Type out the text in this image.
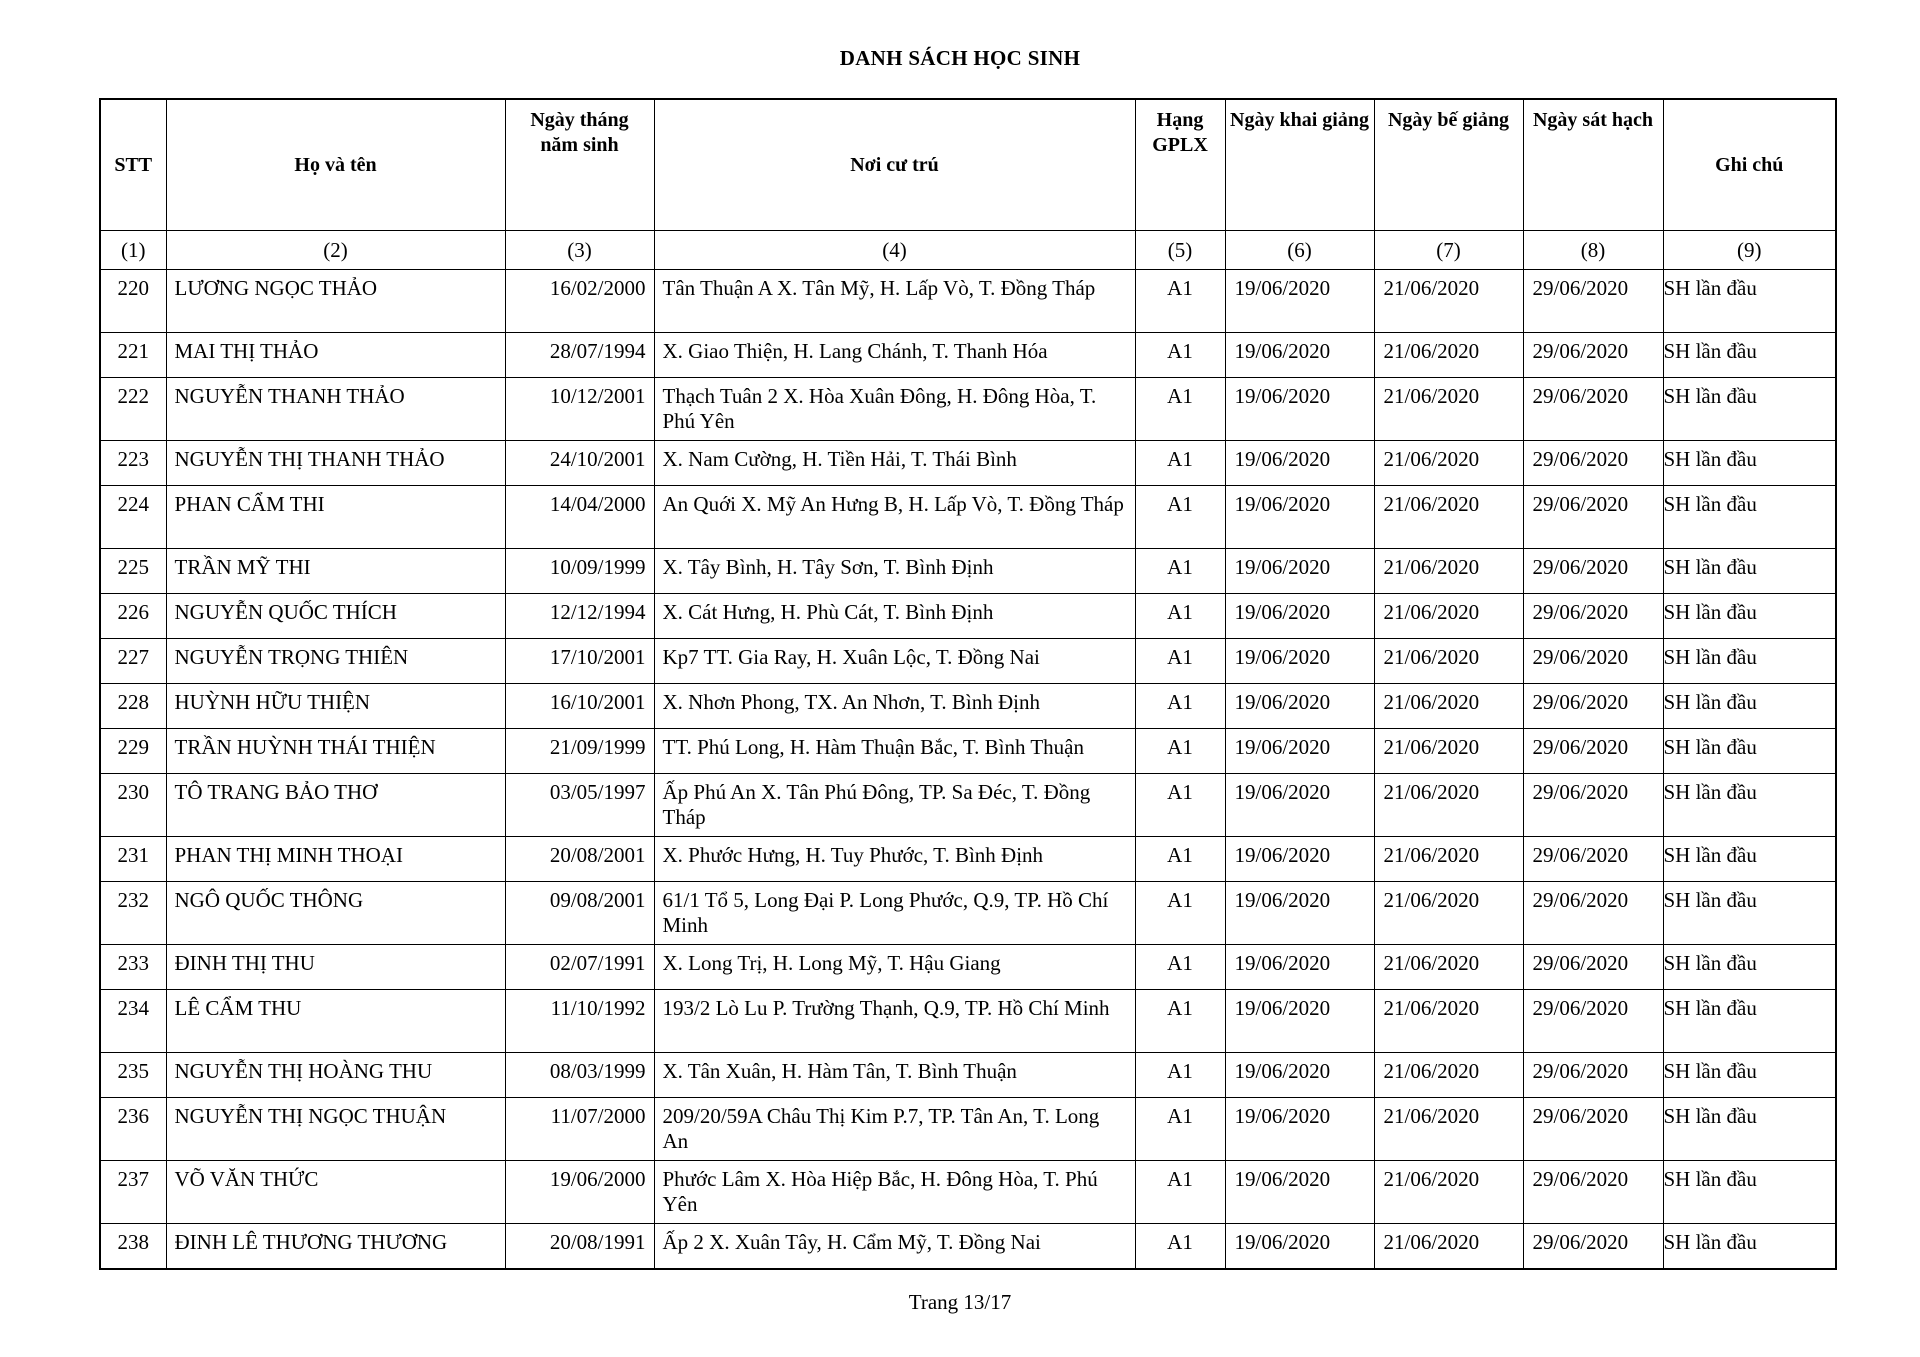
DANH SÁCH HỌC SINH
STT	Họ và tên	Ngày tháng năm sinh	Nơi cư trú	Hạng GPLX	Ngày khai giảng	Ngày bế giảng	Ngày sát hạch	Ghi chú
(1)	(2)	(3)	(4)	(5)	(6)	(7)	(8)	(9)
220	LƯƠNG NGỌC THẢO	16/02/2000	Tân Thuận A X. Tân Mỹ, H. Lấp Vò, T. Đồng Tháp	A1	19/06/2020	21/06/2020	29/06/2020	SH lần đầu
221	MAI THỊ THẢO	28/07/1994	X. Giao Thiện, H. Lang Chánh, T. Thanh Hóa	A1	19/06/2020	21/06/2020	29/06/2020	SH lần đầu
222	NGUYỄN THANH THẢO	10/12/2001	Thạch Tuân 2 X. Hòa Xuân Đông, H. Đông Hòa, T. Phú Yên	A1	19/06/2020	21/06/2020	29/06/2020	SH lần đầu
223	NGUYỄN THỊ THANH THẢO	24/10/2001	X. Nam Cường, H. Tiền Hải, T. Thái Bình	A1	19/06/2020	21/06/2020	29/06/2020	SH lần đầu
224	PHAN CẨM THI	14/04/2000	An Quới X. Mỹ An Hưng B, H. Lấp Vò, T. Đồng Tháp	A1	19/06/2020	21/06/2020	29/06/2020	SH lần đầu
225	TRẦN MỸ THI	10/09/1999	X. Tây Bình, H. Tây Sơn, T. Bình Định	A1	19/06/2020	21/06/2020	29/06/2020	SH lần đầu
226	NGUYỄN QUỐC THÍCH	12/12/1994	X. Cát Hưng, H. Phù Cát, T. Bình Định	A1	19/06/2020	21/06/2020	29/06/2020	SH lần đầu
227	NGUYỄN TRỌNG THIÊN	17/10/2001	Kp7 TT. Gia Ray, H. Xuân Lộc, T. Đồng Nai	A1	19/06/2020	21/06/2020	29/06/2020	SH lần đầu
228	HUỲNH HỮU THIỆN	16/10/2001	X. Nhơn Phong, TX. An Nhơn, T. Bình Định	A1	19/06/2020	21/06/2020	29/06/2020	SH lần đầu
229	TRẦN HUỲNH THÁI THIỆN	21/09/1999	TT. Phú Long, H. Hàm Thuận Bắc, T. Bình Thuận	A1	19/06/2020	21/06/2020	29/06/2020	SH lần đầu
230	TÔ TRANG BẢO THƠ	03/05/1997	Ấp Phú An X. Tân Phú Đông, TP. Sa Đéc, T. Đồng Tháp	A1	19/06/2020	21/06/2020	29/06/2020	SH lần đầu
231	PHAN THỊ MINH THOẠI	20/08/2001	X. Phước Hưng, H. Tuy Phước, T. Bình Định	A1	19/06/2020	21/06/2020	29/06/2020	SH lần đầu
232	NGÔ QUỐC THÔNG	09/08/2001	61/1 Tổ 5, Long Đại P. Long Phước, Q.9, TP. Hồ Chí Minh	A1	19/06/2020	21/06/2020	29/06/2020	SH lần đầu
233	ĐINH THỊ THU	02/07/1991	X. Long Trị, H. Long Mỹ, T. Hậu Giang	A1	19/06/2020	21/06/2020	29/06/2020	SH lần đầu
234	LÊ CẨM THU	11/10/1992	193/2 Lò Lu P. Trường Thạnh, Q.9, TP. Hồ Chí Minh	A1	19/06/2020	21/06/2020	29/06/2020	SH lần đầu
235	NGUYỄN THỊ HOÀNG THU	08/03/1999	X. Tân Xuân, H. Hàm Tân, T. Bình Thuận	A1	19/06/2020	21/06/2020	29/06/2020	SH lần đầu
236	NGUYỄN THỊ NGỌC THUẬN	11/07/2000	209/20/59A Châu Thị Kim P.7, TP. Tân An, T. Long An	A1	19/06/2020	21/06/2020	29/06/2020	SH lần đầu
237	VÕ VĂN THỨC	19/06/2000	Phước Lâm X. Hòa Hiệp Bắc, H. Đông Hòa, T. Phú Yên	A1	19/06/2020	21/06/2020	29/06/2020	SH lần đầu
238	ĐINH LÊ THƯƠNG THƯƠNG	20/08/1991	Ấp 2 X. Xuân Tây, H. Cẩm Mỹ, T. Đồng Nai	A1	19/06/2020	21/06/2020	29/06/2020	SH lần đầu
Trang 13/17
